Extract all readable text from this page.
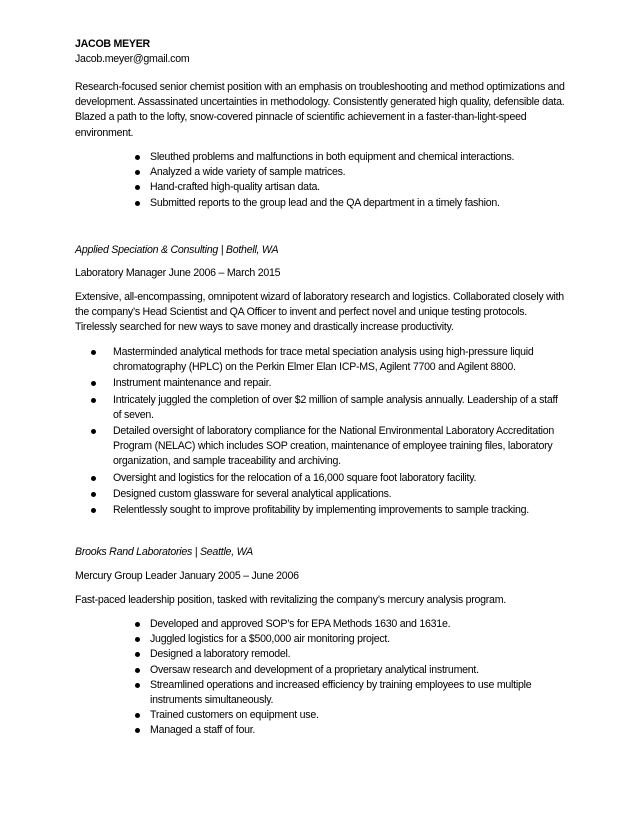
JACOB MEYER

Jacob.meyer@gmail.com

Research-focused senior chemist position with an emphasis on troubleshooting and method optimizations and development. Assassinated uncertainties in methodology. Consistently generated high quality, defensible data. Blazed a path to the lofty, snow-covered pinnacle of scientific achievement in a faster-than-light-speed environment.

Sleuthed problems and malfunctions in both equipment and chemical interactions.
Analyzed a wide variety of sample matrices.
Hand-crafted high-quality artisan data.
Submitted reports to the group lead and the QA department in a timely fashion.

Applied Speciation & Consulting | Bothell, WA

Laboratory Manager June 2006 – March 2015

Extensive, all-encompassing, omnipotent wizard of laboratory research and logistics. Collaborated closely with the company’s Head Scientist and QA Officer to invent and perfect novel and unique testing protocols. Tirelessly searched for new ways to save money and drastically increase productivity.

Masterminded analytical methods for trace metal speciation analysis using high-pressure liquid chromatography (HPLC) on the Perkin Elmer Elan ICP-MS, Agilent 7700 and Agilent 8800.
Instrument maintenance and repair.
Intricately juggled the completion of over $2 million of sample analysis annually. Leadership of a staff of seven.
Detailed oversight of laboratory compliance for the National Environmental Laboratory Accreditation Program (NELAC) which includes SOP creation, maintenance of employee training files, laboratory organization, and sample traceability and archiving.
Oversight and logistics for the relocation of a 16,000 square foot laboratory facility.
Designed custom glassware for several analytical applications.
Relentlessly sought to improve profitability by implementing improvements to sample tracking.

Brooks Rand Laboratories | Seattle, WA

Mercury Group Leader January 2005 – June 2006

Fast-paced leadership position, tasked with revitalizing the company’s mercury analysis program.

Developed and approved SOP’s for EPA Methods 1630 and 1631e.
Juggled logistics for a $500,000 air monitoring project.
Designed a laboratory remodel.
Oversaw research and development of a proprietary analytical instrument.
Streamlined operations and increased efficiency by training employees to use multiple instruments simultaneously.
Trained customers on equipment use.
Managed a staff of four.
